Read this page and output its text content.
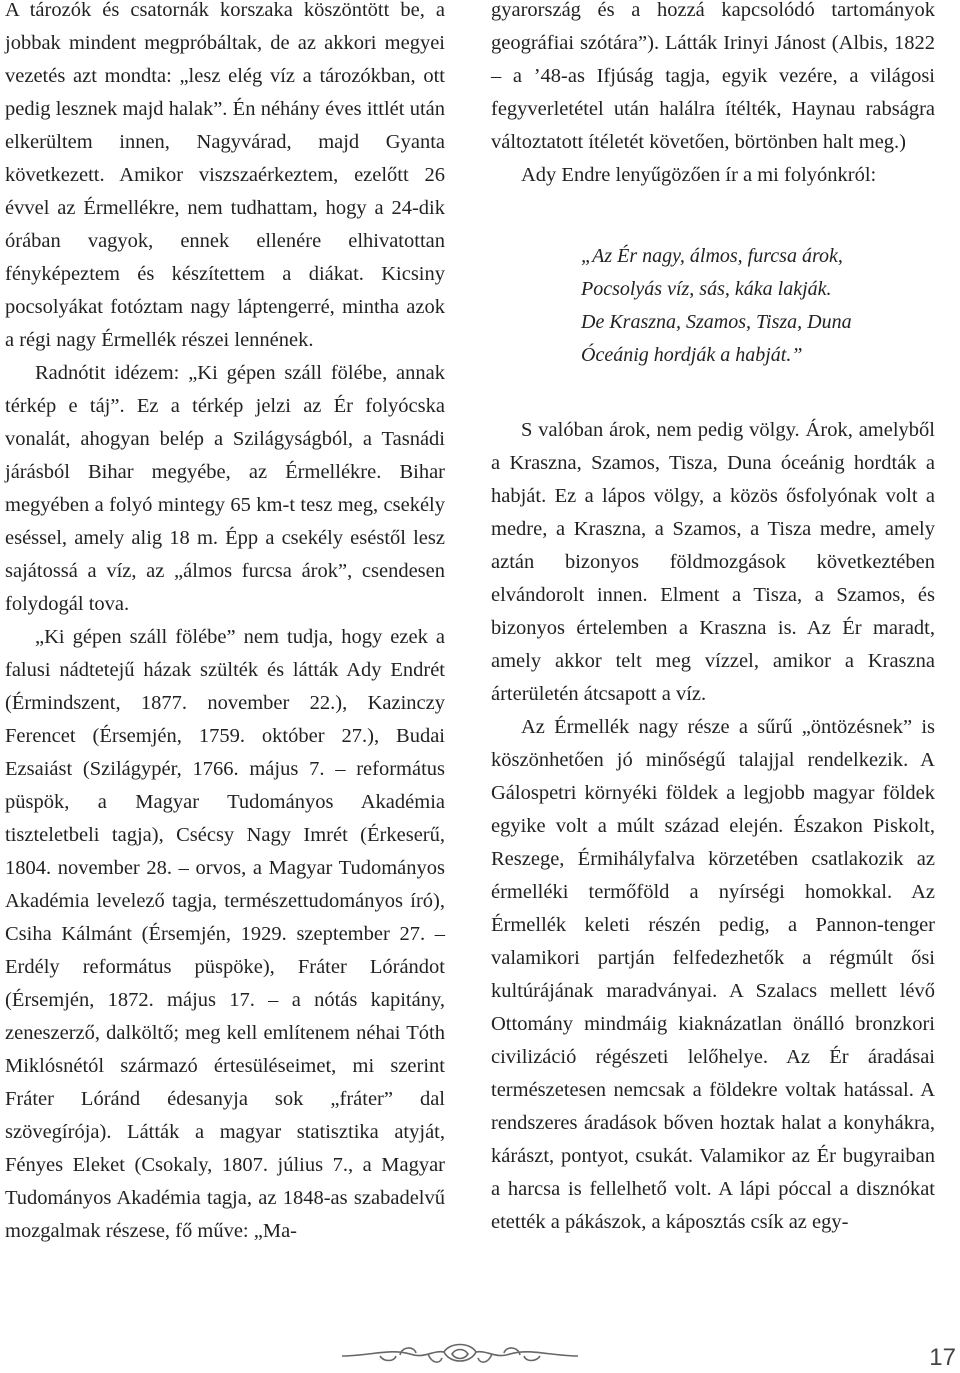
A tározók és csatornák korszaka köszöntött be, a jobbak mindent megpróbáltak, de az akkori megyei vezetés azt mondta: „lesz elég víz a tározókban, ott pedig lesznek majd halak”. Én néhány éves ittlét után elkerültem innen, Nagyvárad, majd Gyanta következett. Amikor viszszaérkeztem, ezelőtt 26 évvel az Érmellékre, nem tudhattam, hogy a 24-dik órában vagyok, ennek ellenére elhivatottan fényképeztem és készítettem a diákat. Kicsiny pocsolyákat fotóztam nagy láptengerré, mintha azok a régi nagy Érmellék részei lennének.

Radnótit idézem: „Ki gépen száll fölébe, annak térkép e táj”. Ez a térkép jelzi az Ér folyócska vonalát, ahogyan belép a Szilágyságból, a Tasnádi járásból Bihar megyébe, az Érmellékre. Bihar megyében a folyó mintegy 65 km-t tesz meg, csekély eséssel, amely alig 18 m. Épp a csekély eséstől lesz sajátossá a víz, az „álmos furcsa árok”, csendesen folydogál tova.

„Ki gépen száll fölébe” nem tudja, hogy ezek a falusi nádtetejű házak szülték és látták Ady Endrét (Érmindszent, 1877. november 22.), Kazinczy Ferencet (Érsemjén, 1759. október 27.), Budai Ezsaiást (Szilágypér, 1766. május 7. – református püspök, a Magyar Tudományos Akadémia tiszteletbeli tagja), Csécsy Nagy Imrét (Érkeserű, 1804. november 28. – orvos, a Magyar Tudományos Akadémia levelező tagja, természettudományos író), Csiha Kálmánt (Érsemjén, 1929. szeptember 27. – Erdély református püspöke), Fráter Lórándot (Érsemjén, 1872. május 17. – a nótás kapitány, zeneszerző, dalköltő; meg kell említenem néhai Tóth Miklósnétól származó értesüléseimet, mi szerint Fráter Lóránd édesanyja sok „fráter” dal szövegírója). Látták a magyar statisztika atyját, Fényes Eleket (Csokaly, 1807. július 7., a Magyar Tudományos Akadémia tagja, az 1848-as szabadelvű mozgalmak részese, fő műve: „Ma-

gyarország és a hozzá kapcsolódó tartományok geográfiai szótára”). Látták Irinyi Jánost (Albis, 1822 – a ’48-as Ifjúság tagja, egyik vezére, a világosi fegyverletétel után halálra ítélték, Haynau rabságra változtatott ítéletét követően, börtönben halt meg.)

Ady Endre lenyűgözően ír a mi folyónkról:

„Az Ér nagy, álmos, furcsa árok,
Pocsolyás víz, sás, káka lakják.
De Kraszna, Szamos, Tisza, Duna
Óceánig hordják a habját.”

S valóban árok, nem pedig völgy. Árok, amelyből a Kraszna, Szamos, Tisza, Duna óceánig hordták a habját. Ez a lápos völgy, a közös ősfolyónak volt a medre, a Kraszna, a Szamos, a Tisza medre, amely aztán bizonyos földmozgások következtében elvándorolt innen. Elment a Tisza, a Szamos, és bizonyos értelemben a Kraszna is. Az Ér maradt, amely akkor telt meg vízzel, amikor a Kraszna árterületén átcsapott a víz.

Az Érmellék nagy része a sűrű „öntözésnek” is köszönhetően jó minőségű talajjal rendelkezik. A Gálospetri környéki földek a legjobb magyar földek egyike volt a múlt század elején. Északon Piskolt, Reszege, Érmihályfalva körzetében csatlakozik az érmelléki termőföld a nyírségi homokkal. Az Érmellék keleti részén pedig, a Pannon-tenger valamikori partján felfedezhetők a régmúlt ősi kultúrájának maradványai. A Szalacs mellett lévő Ottomány mindmáig kiaknázatlan önálló bronzkori civilizáció régészeti lelőhelye. Az Ér áradásai természetesen nemcsak a földekre voltak hatással. A rendszeres áradások bőven hoztak halat a konyhákra, kárászt, pontyot, csukát. Valamikor az Ér bugyraiban a harcsa is fellelhető volt. A lápi póccal a disznókat etették a pákászok, a káposztás csík az egy-

17
